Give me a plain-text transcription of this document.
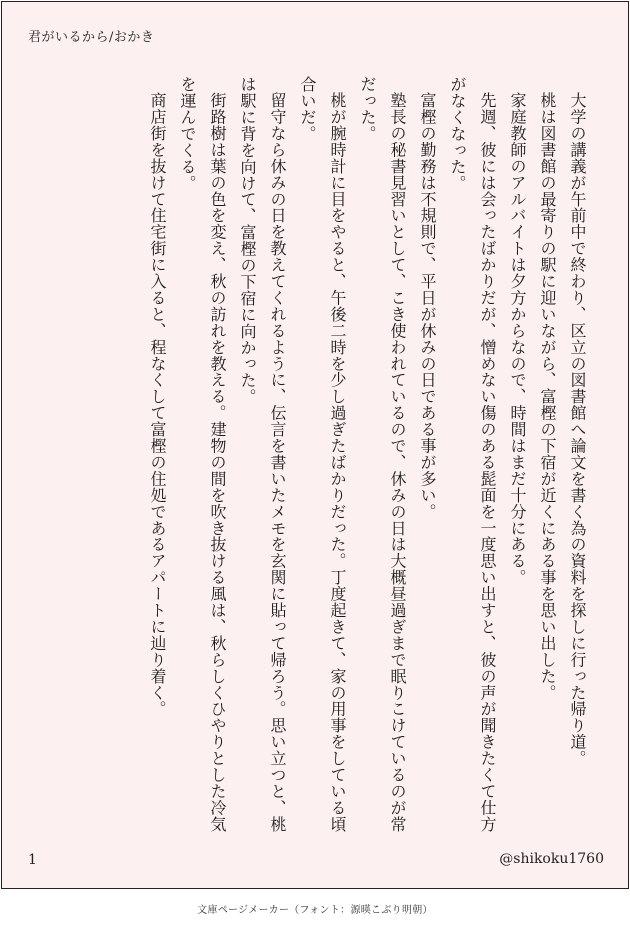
君がいるから/おかき

大学の講義が午前中で終わり、区立の図書館へ論文を書く為の資料を探しに行った帰り道。

桃は図書館の最寄りの駅に迎いながら、富樫の下宿が近くにある事を思い出した。

家庭教師のアルバイトは夕方からなので、時間はまだ十分にある。

先週、彼には会ったばかりだが、憎めない傷のある髭面を一度思い出すと、彼の声が聞きたくて仕方がなくなった。

富樫の勤務は不規則で、平日が休みの日である事が多い。

塾長の秘書見習いとして、こき使われているので、休みの日は大概昼過ぎまで眠りこけているのが常だった。

桃が腕時計に目をやると、午後二時を少し過ぎたばかりだった。丁度起きて、家の用事をしている頃合いだ。

留守なら休みの日を教えてくれるように、伝言を書いたメモを玄関に貼って帰ろう。思い立つと、桃は駅に背を向けて、富樫の下宿に向かった。

街路樹は葉の色を変え、秋の訪れを教える。建物の間を吹き抜ける風は、秋らしくひやりとした冷気を運んでくる。

商店街を抜けて住宅街に入ると、程なくして富樫の住処であるアパートに辿り着く。

1	@shikoku1760
文庫ページメーカー（フォント：源暎こぶり明朝）
